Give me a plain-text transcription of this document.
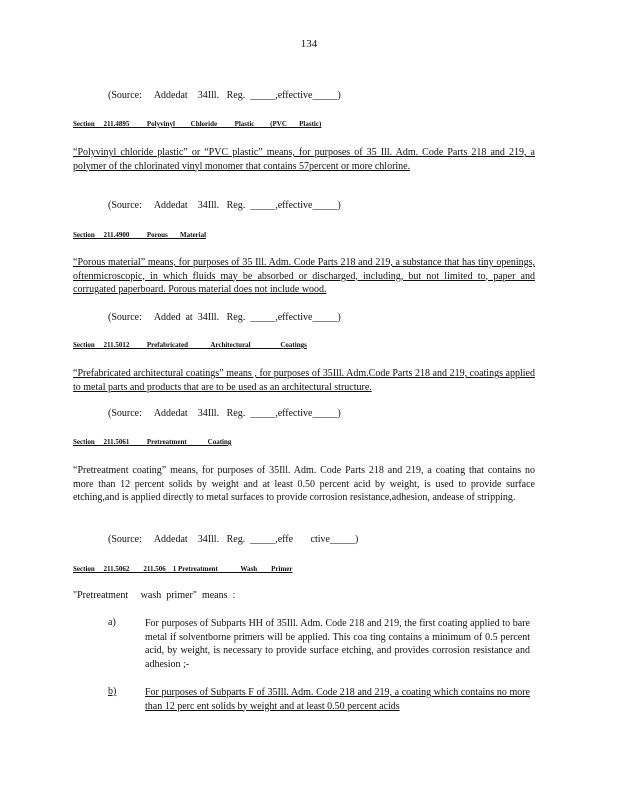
134
(Source:     Addedat    34Ill.   Reg.  _____,effective_____)
Section     211.4895          Polyvinyl         Chloride          Plastic         (PVC       Plastic)
“Polyvinyl chloride plastic” or “PVC plastic” means, for purposes of 35 Ill. Adm. Code Parts 218 and 219, a polymer of the chlorinated vinyl monomer that contains 57percent or more chlorine.
(Source:     Addedat    34Ill.   Reg.  _____,effective_____)
Section     211.4900          Porous       Material
“Porous material” means, for purposes of 35 Ill. Adm. Code Parts 218 and 219, a substance that has tiny openings, oftenmicroscopic, in which fluids may be absorbed or discharged, including, but not limited to, paper and corrugated paperboard. Porous material does not include wood.
(Source:     Added  at  34Ill.   Reg.  _____,effective_____)
Section     211.5012          Prefabricated             Architectural                 Coatings
“Prefabricated architectural coatings” means , for purposes of 35Ill. Adm.Code Parts 218 and 219, coatings applied to metal parts and products that are to be used as an architectural structure.
(Source:     Addedat    34Ill.   Reg.  _____,effective_____)
Section     211.5061          Pretreatment            Coating
“Pretreatment coating” means, for purposes of 35Ill. Adm. Code Parts 218 and 219, a coating that contains no more than 12 percent solids by weight and at least 0.50 percent acid by weight, is used to provide surface etching,and is applied directly to metal surfaces to provide corrosion resistance,adhesion, andease of stripping.
(Source:     Addedat    34Ill.   Reg.  _____,effe       ctive_____)
Section     211.5062        211.506    1 Pretreatment             Wash        Primer
"Pretreatment     wash  primer"  means  :
a)	For purposes of Subparts HH of 35Ill. Adm. Code 218 and 219, the first coating applied to bare metal if solventborne primers will be applied. This coa ting contains a minimum of 0.5 percent acid, by weight, is necessary to provide surface etching, and provides corrosion resistance and adhesion ;-
b)	For purposes of Subparts F of 35Ill. Adm. Code 218 and 219, a coating which contains no more than 12 perc ent solids by weight and at least 0.50 percent acids
